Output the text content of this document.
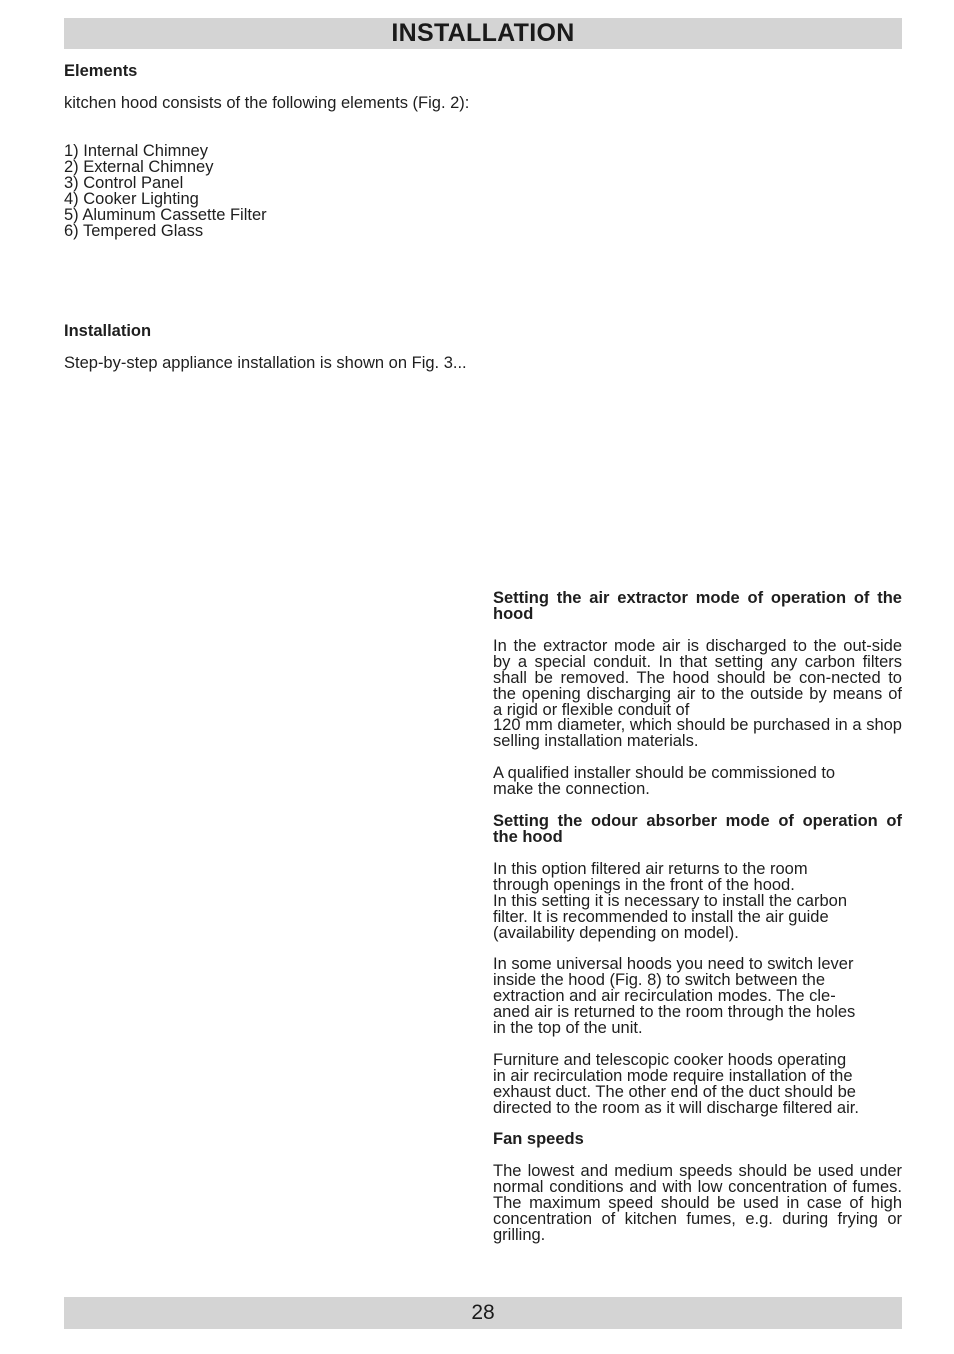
INSTALLATION
Elements

kitchen hood consists of the following elements (Fig. 2):

1) Internal Chimney
2) External Chimney
3) Control Panel
4) Cooker Lighting
5) Aluminum Cassette Filter
6) Tempered Glass
Installation

Step-by-step appliance installation is shown on Fig. 3...

Setting the air extractor mode of operation of the hood

In the extractor mode air is discharged to the out-side by a special conduit. In that setting any carbon filters shall be removed. The hood should be con-nected to the opening discharging air to the outside by means of a rigid or flexible conduit of

120 mm diameter, which should be purchased in a shop selling installation materials.

A qualified installer should be commissioned to
make the connection.
Setting the odour absorber mode of operation of the hood
In this option filtered air returns to the room
through openings in the front of the hood.
In this setting it is necessary to install the carbon
filter. It is recommended to install the air guide
(availability depending on model).
In some universal hoods you need to switch lever
inside the hood (Fig. 8) to switch between the
extraction and air recirculation modes. The cle-
aned air is returned to the room through the holes
in the top of the unit.
Furniture and telescopic cooker hoods operating
in air recirculation mode require installation of the
exhaust duct. The other end of the duct should be
directed to the room as it will discharge filtered air.
Fan speeds

The lowest and medium speeds should be used under normal conditions and with low concentration of fumes. The maximum speed should be used in case of high concentration of kitchen fumes, e.g. during frying or grilling.

28
